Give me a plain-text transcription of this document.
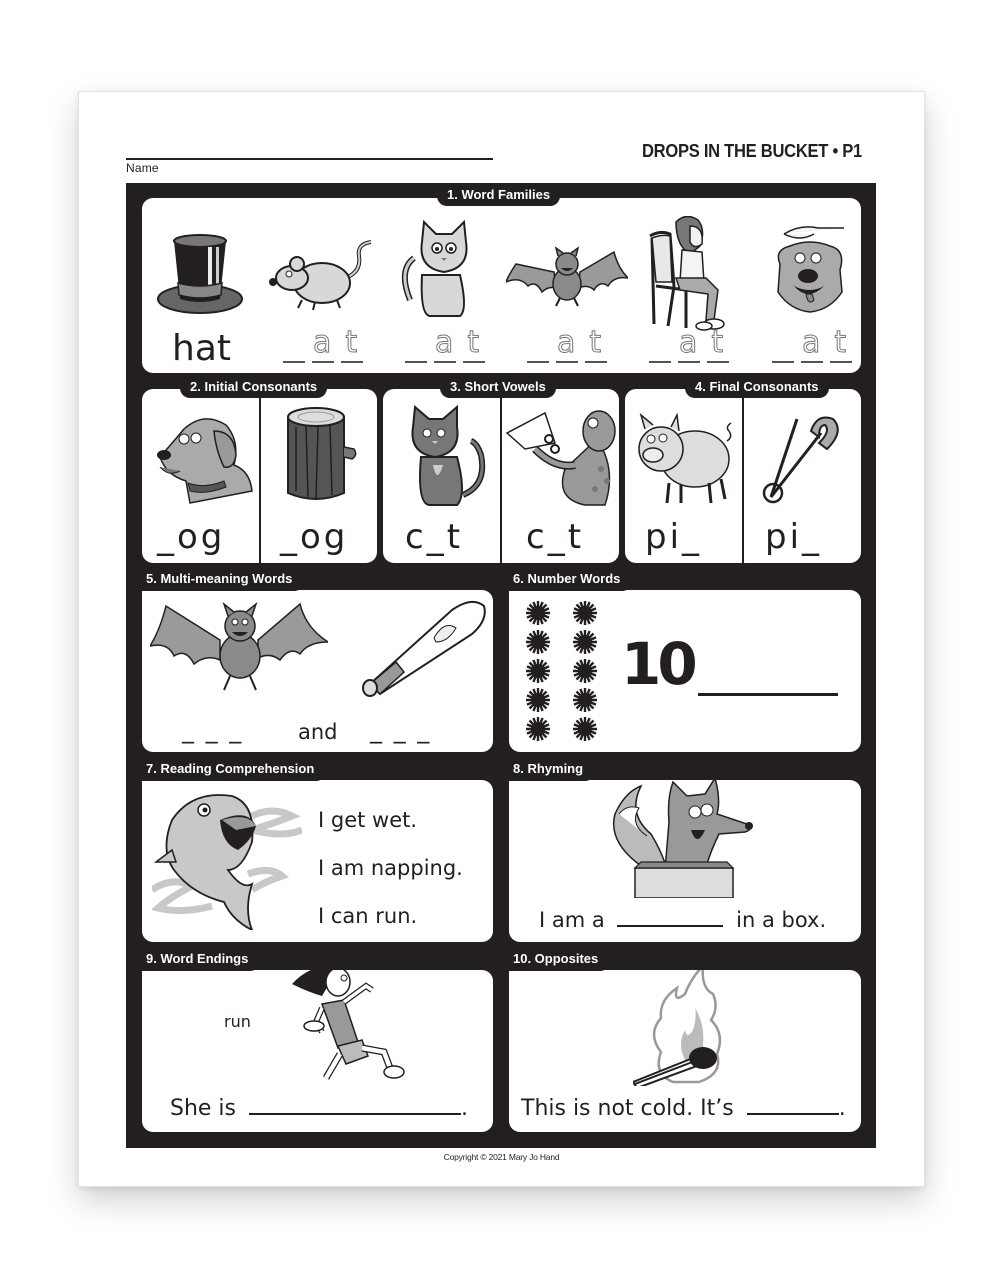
Name
DROPS IN THE BUCKET • P1
hat	at at at at at
1. Word Families
_og _og
2. Initial Consonants
c_t c_t
3. Short Vowels
pi_ pi_
4. Final Consonants
_ _ _	and _ _ _
5. Multi-meaning Words
10
6. Number Words
I get wet.
I am napping.
I can run.
7. Reading Comprehension
I am a	in a box.
8. Rhyming
run
She is	.
9. Word Endings
This is not cold. It’s	.
10. Opposites
Copyright © 2021 Mary Jo Hand
